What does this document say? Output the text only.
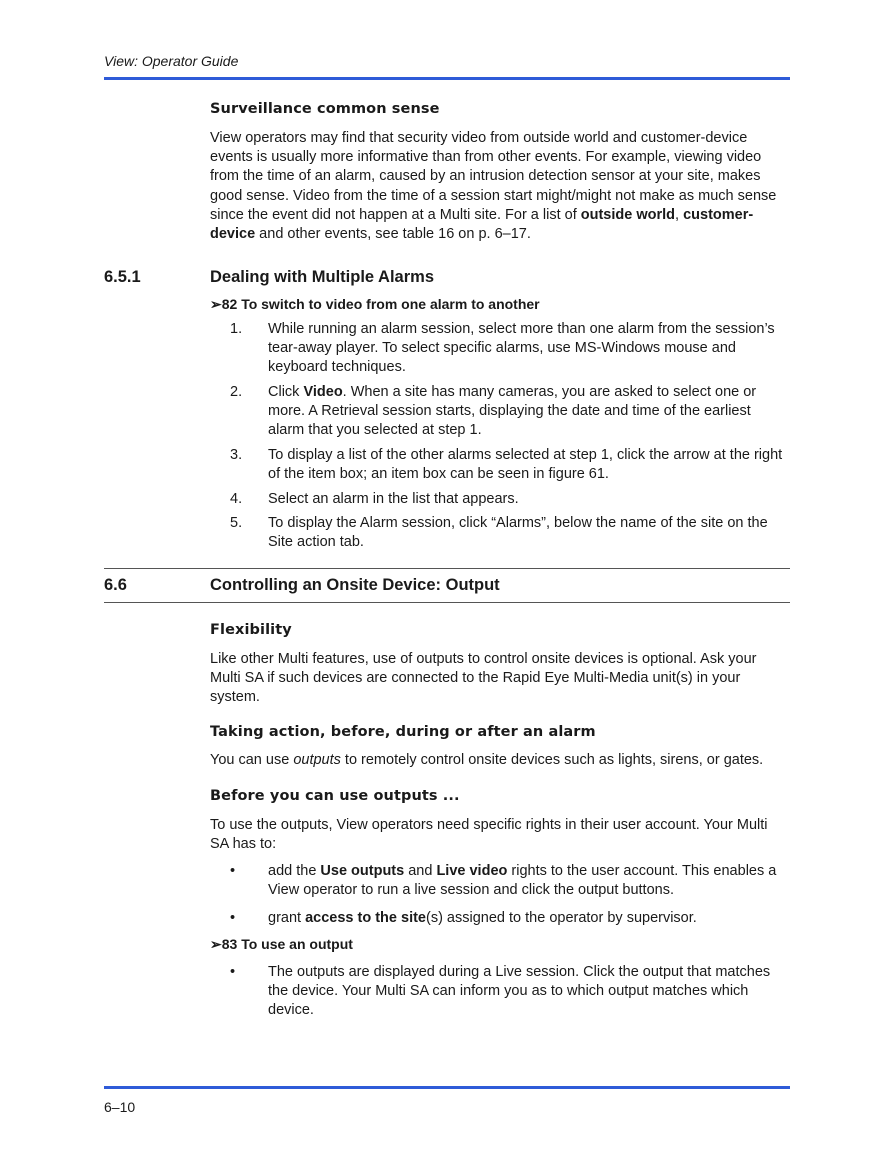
View: Operator Guide
Surveillance common sense
View operators may find that security video from outside world and customer-device events is usually more informative than from other events. For example, viewing video from the time of an alarm, caused by an intrusion detection sensor at your site, makes good sense. Video from the time of a session start might/might not make as much sense since the event did not happen at a Multi site. For a list of outside world, customer-device and other events, see table 16 on p. 6–17.
6.5.1	Dealing with Multiple Alarms
➢82 To switch to video from one alarm to another
1. While running an alarm session, select more than one alarm from the session’s tear-away player. To select specific alarms, use MS-Windows mouse and keyboard techniques.
2. Click Video. When a site has many cameras, you are asked to select one or more. A Retrieval session starts, displaying the date and time of the earliest alarm that you selected at step 1.
3. To display a list of the other alarms selected at step 1, click the arrow at the right of the item box; an item box can be seen in figure 61.
4. Select an alarm in the list that appears.
5. To display the Alarm session, click “Alarms”, below the name of the site on the Site action tab.
6.6	Controlling an Onsite Device: Output
Flexibility
Like other Multi features, use of outputs to control onsite devices is optional. Ask your Multi SA if such devices are connected to the Rapid Eye Multi-Media unit(s) in your system.
Taking action, before, during or after an alarm
You can use outputs to remotely control onsite devices such as lights, sirens, or gates.
Before you can use outputs ...
To use the outputs, View operators need specific rights in their user account. Your Multi SA has to:
• add the Use outputs and Live video rights to the user account. This enables a View operator to run a live session and click the output buttons.
• grant access to the site(s) assigned to the operator by supervisor.
➢83 To use an output
• The outputs are displayed during a Live session. Click the output that matches the device. Your Multi SA can inform you as to which output matches which device.
6–10
